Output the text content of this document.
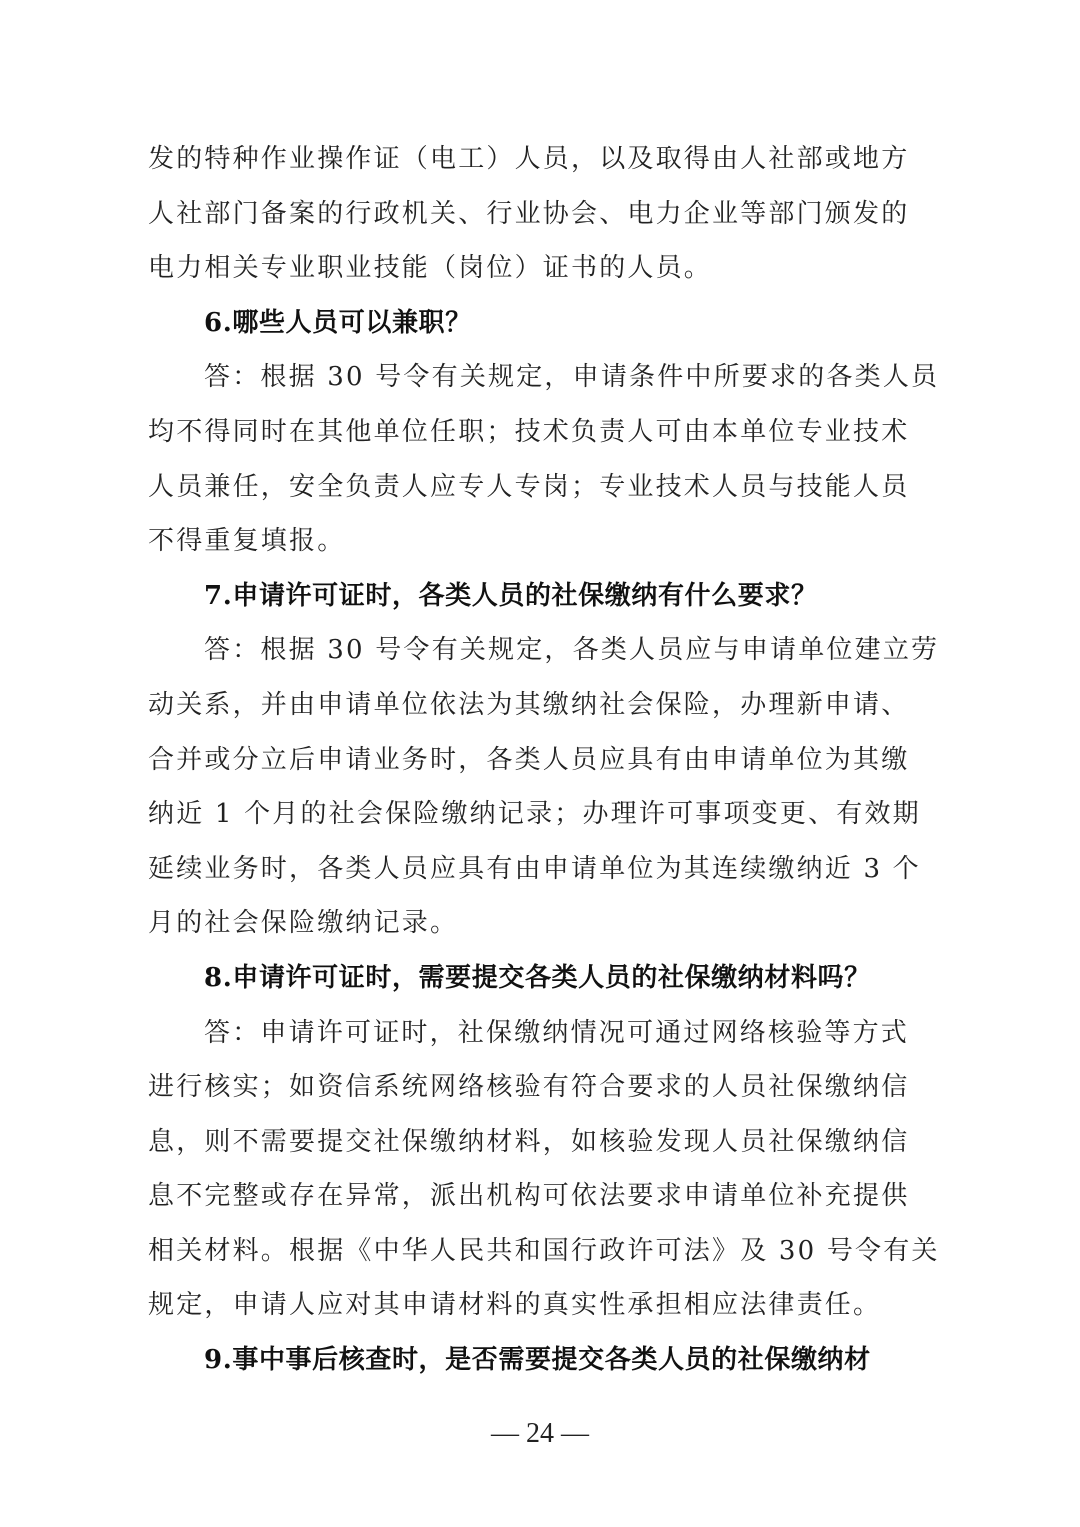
发的特种作业操作证（电工）人员，以及取得由人社部或地方
人社部门备案的行政机关、行业协会、电力企业等部门颁发的
电力相关专业职业技能（岗位）证书的人员。
6.哪些人员可以兼职？
答：根据 30 号令有关规定，申请条件中所要求的各类人员
均不得同时在其他单位任职；技术负责人可由本单位专业技术
人员兼任，安全负责人应专人专岗；专业技术人员与技能人员
不得重复填报。
7.申请许可证时，各类人员的社保缴纳有什么要求？
答：根据 30 号令有关规定，各类人员应与申请单位建立劳
动关系，并由申请单位依法为其缴纳社会保险，办理新申请、
合并或分立后申请业务时，各类人员应具有由申请单位为其缴
纳近 1 个月的社会保险缴纳记录；办理许可事项变更、有效期
延续业务时，各类人员应具有由申请单位为其连续缴纳近 3 个
月的社会保险缴纳记录。
8.申请许可证时，需要提交各类人员的社保缴纳材料吗？
答：申请许可证时，社保缴纳情况可通过网络核验等方式
进行核实；如资信系统网络核验有符合要求的人员社保缴纳信
息，则不需要提交社保缴纳材料，如核验发现人员社保缴纳信
息不完整或存在异常，派出机构可依法要求申请单位补充提供
相关材料。根据《中华人民共和国行政许可法》及 30 号令有关
规定，申请人应对其申请材料的真实性承担相应法律责任。
9.事中事后核查时，是否需要提交各类人员的社保缴纳材
— 24 —
